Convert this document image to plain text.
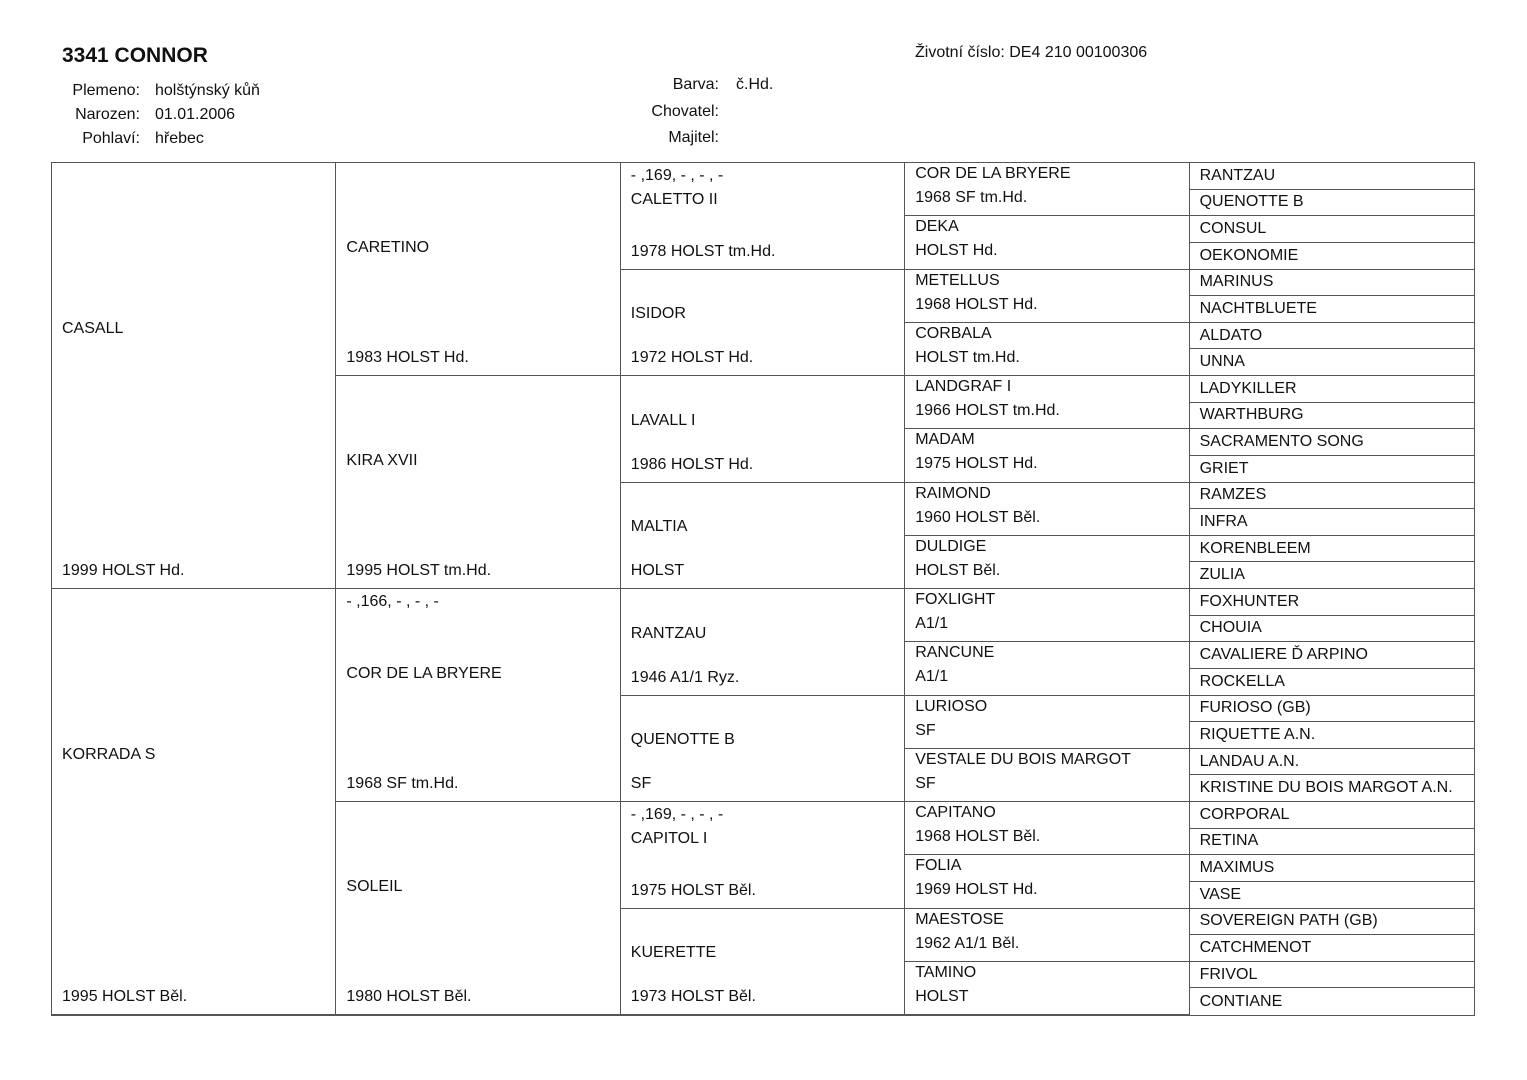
3341 CONNOR	Životní číslo: DE4 210 00100306
Plemeno: holštýnský kůň
Narozen: 01.01.2006
Pohlaví: hřebec
Barva: č.Hd.
Chovatel:
Majitel:
CASALL
1999 HOLST Hd.
KORRADA S
1995 HOLST Běl.
CARETINO
1983 HOLST Hd.
KIRA XVII
1995 HOLST tm.Hd.
- ,166, - , - , -
COR DE LA BRYERE
1968 SF tm.Hd.
SOLEIL
1980 HOLST Běl.
- ,169, - , - , -
CALETTO II
1978 HOLST tm.Hd.
ISIDOR
1972 HOLST Hd.
LAVALL I
1986 HOLST Hd.
MALTIA
HOLST
RANTZAU
1946 A1/1 Ryz.
QUENOTTE B
SF
- ,169, - , - , -
CAPITOL I
1975 HOLST Běl.
KUERETTE
1973 HOLST Běl.
COR DE LA BRYERE
1968 SF tm.Hd.
DEKA
HOLST Hd.
METELLUS
1968 HOLST Hd.
CORBALA
HOLST tm.Hd.
LANDGRAF I
1966 HOLST tm.Hd.
MADAM
1975 HOLST Hd.
RAIMOND
1960 HOLST Běl.
DULDIGE
HOLST Běl.
FOXLIGHT
A1/1
RANCUNE
A1/1
LURIOSO
SF
VESTALE DU BOIS MARGOT
SF
CAPITANO
1968 HOLST Běl.
FOLIA
1969 HOLST Hd.
MAESTOSE
1962 A1/1 Běl.
TAMINO
HOLST
RANTZAU
QUENOTTE B
CONSUL
OEKONOMIE
MARINUS
NACHTBLUETE
ALDATO
UNNA
LADYKILLER
WARTHBURG
SACRAMENTO SONG
GRIET
RAMZES
INFRA
KORENBLEEM
ZULIA
FOXHUNTER
CHOUIA
CAVALIERE Ď ARPINO
ROCKELLA
FURIOSO (GB)
RIQUETTE A.N.
LANDAU A.N.
KRISTINE DU BOIS MARGOT A.N.
CORPORAL
RETINA
MAXIMUS
VASE
SOVEREIGN PATH (GB)
CATCHMENOT
FRIVOL
CONTIANE
